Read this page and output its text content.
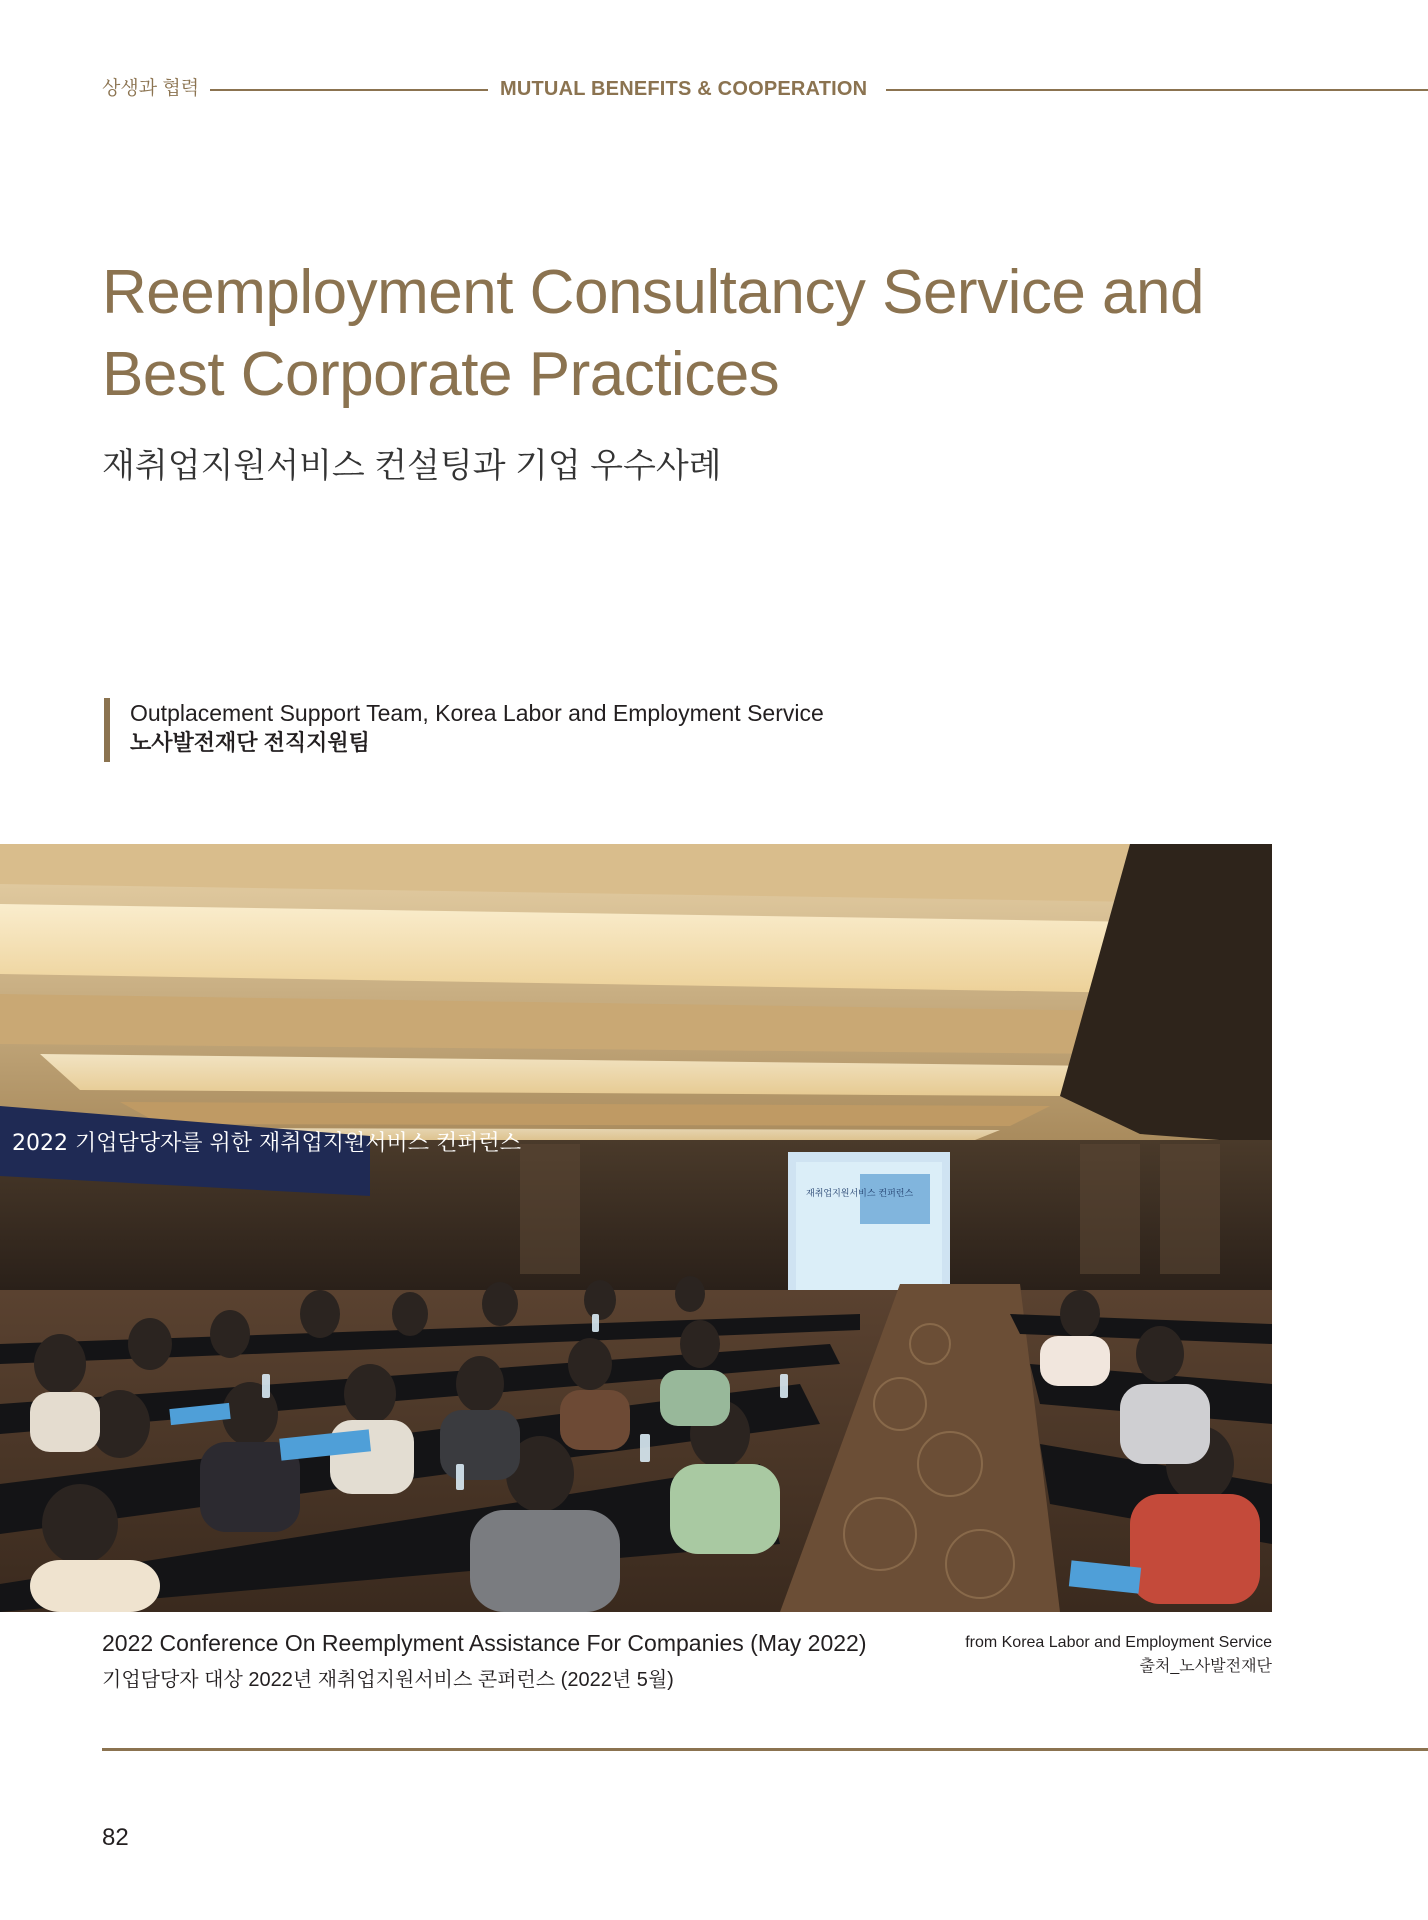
상생과 협력	MUTUAL BENEFITS & COOPERATION
Reemployment Consultancy Service and
Best Corporate Practices
재취업지원서비스 컨설팅과 기업 우수사례
Outplacement Support Team, Korea Labor and Employment Service
노사발전재단 전직지원팀
2022 기업담당자를 위한 재취업지원서비스 컨퍼런스
재취업지원서비스 컨퍼런스
2022 Conference On Reemplyment Assistance For Companies (May 2022)
기업담당자 대상 2022년 재취업지원서비스 콘퍼런스 (2022년 5월)
from Korea Labor and Employment Service
출처_노사발전재단
82
